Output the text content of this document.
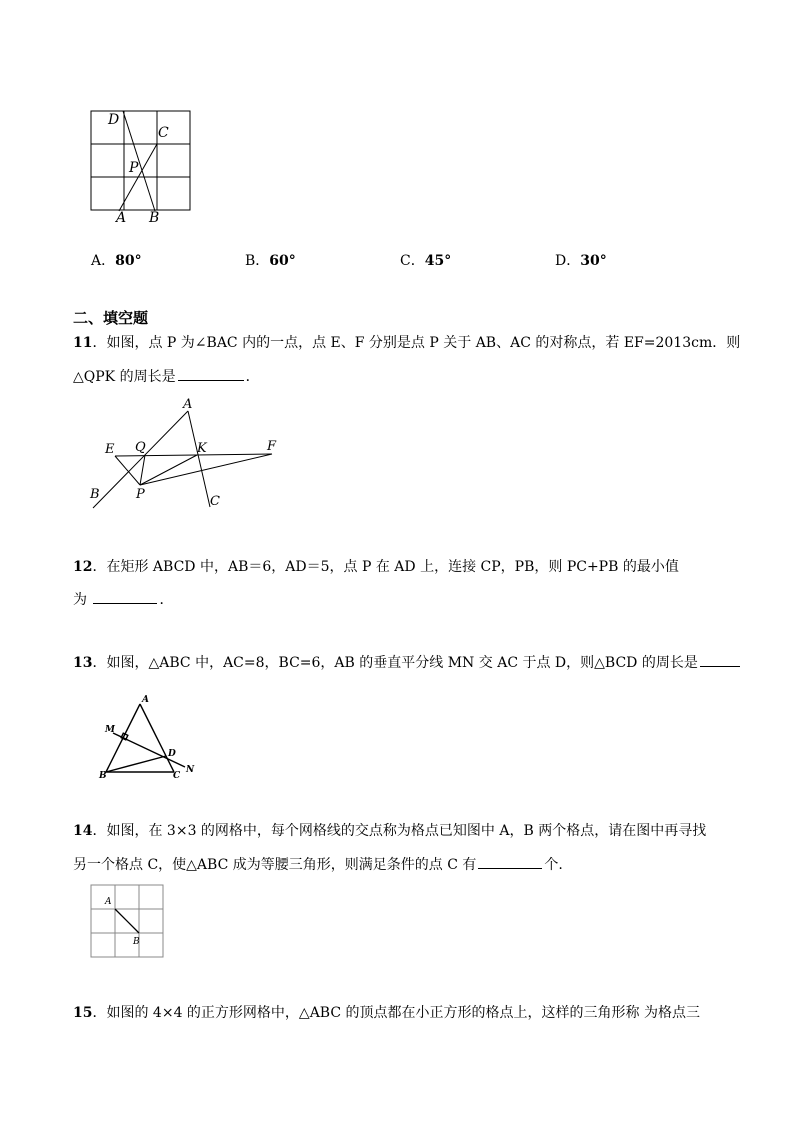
D
C
P
A B
A．80°	B．60°	C．45°	D．30°
二、填空题
11．如图，点 P 为∠BAC 内的一点，点 E、F 分别是点 P 关于 AB、AC 的对称点，若 EF=2013cm．则
△QPK 的周长是	．
A
E Q	K	F
B	P	C
12．在矩形 ABCD 中，AB＝6，AD＝5，点 P 在 AD 上，连接 CP，PB，则 PC+PB 的最小值
为	．
13．如图，△ABC 中，AC=8，BC=6，AB 的垂直平分线 MN 交 AC 于点 D，则△BCD 的周长是
A
M
D
N
B	C
14．如图，在 3×3 的网格中，每个网格线的交点称为格点已知图中 A，B 两个格点，请在图中再寻找
另一个格点 C，使△ABC 成为等腰三角形，则满足条件的点 C 有	个.
A
B
15．如图的 4×4 的正方形网格中，△ABC 的顶点都在小正方形的格点上，这样的三角形称 为格点三
